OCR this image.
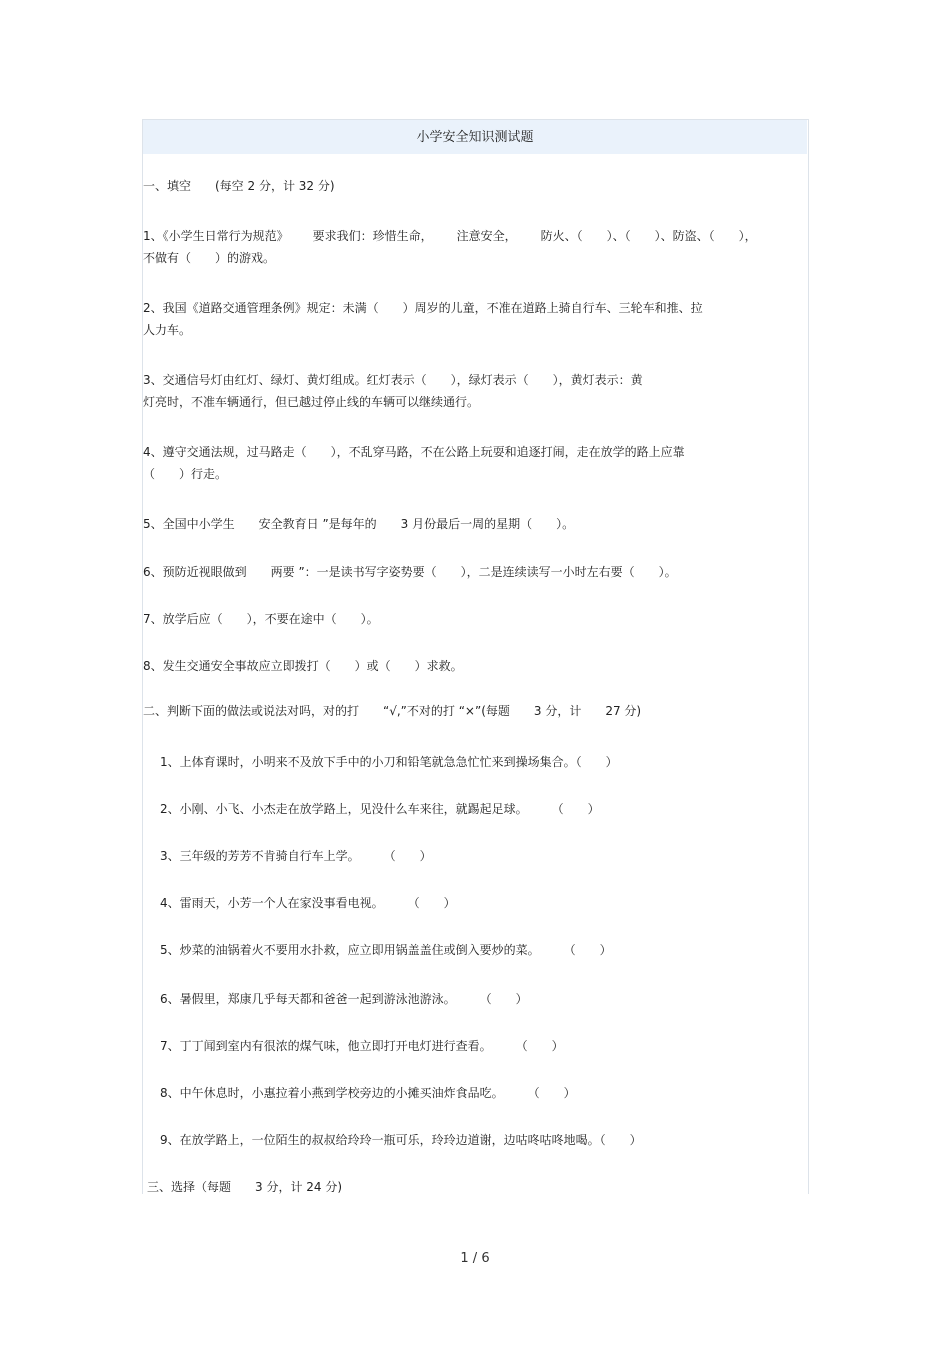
小学安全知识测试题
一、填空  (每空 2 分，计 32 分)
1、《小学生日常行为规范》  要求我们：珍惜生命，  注意安全，  防火、（  ）、（  ）、防盗、（  ），
不做有（  ）的游戏。
2、我国《道路交通管理条例》规定：未满（  ）周岁的儿童，不准在道路上骑自行车、三轮车和推、拉
人力车。
3、交通信号灯由红灯、绿灯、黄灯组成。红灯表示（  ），绿灯表示（  ），黄灯表示：黄
灯亮时，不准车辆通行，但已越过停止线的车辆可以继续通行。
4、遵守交通法规，过马路走（  ），不乱穿马路，不在公路上玩耍和追逐打闹，走在放学的路上应靠
（  ）行走。
5、全国中小学生  安全教育日 ”是每年的  3 月份最后一周的星期（  ）。
6、预防近视眼做到  两要 ”：一是读书写字姿势要（  ），二是连续读写一小时左右要（  ）。
7、放学后应（  ），不要在途中（  ）。
8、发生交通安全事故应立即拨打（  ）或（  ）求救。
二、判断下面的做法或说法对吗，对的打  “√,”不对的打 “×”(每题  3 分，计  27 分)
1、上体育课时，小明来不及放下手中的小刀和铅笔就急急忙忙来到操场集合。（  ）
2、小刚、小飞、小杰走在放学路上，见没什么车来往，就踢起足球。  （  ）
3、三年级的芳芳不肯骑自行车上学。  （  ）
4、雷雨天，小芳一个人在家没事看电视。  （  ）
5、炒菜的油锅着火不要用水扑救，应立即用锅盖盖住或倒入要炒的菜。  （  ）
6、暑假里，郑康几乎每天都和爸爸一起到游泳池游泳。  （  ）
7、丁丁闻到室内有很浓的煤气味，他立即打开电灯进行查看。  （  ）
8、中午休息时，小惠拉着小燕到学校旁边的小摊买油炸食品吃。  （  ）
9、在放学路上，一位陌生的叔叔给玲玲一瓶可乐，玲玲边道谢，边咕咚咕咚地喝。（  ）
三、选择（每题  3 分，计 24 分)
1 / 6
